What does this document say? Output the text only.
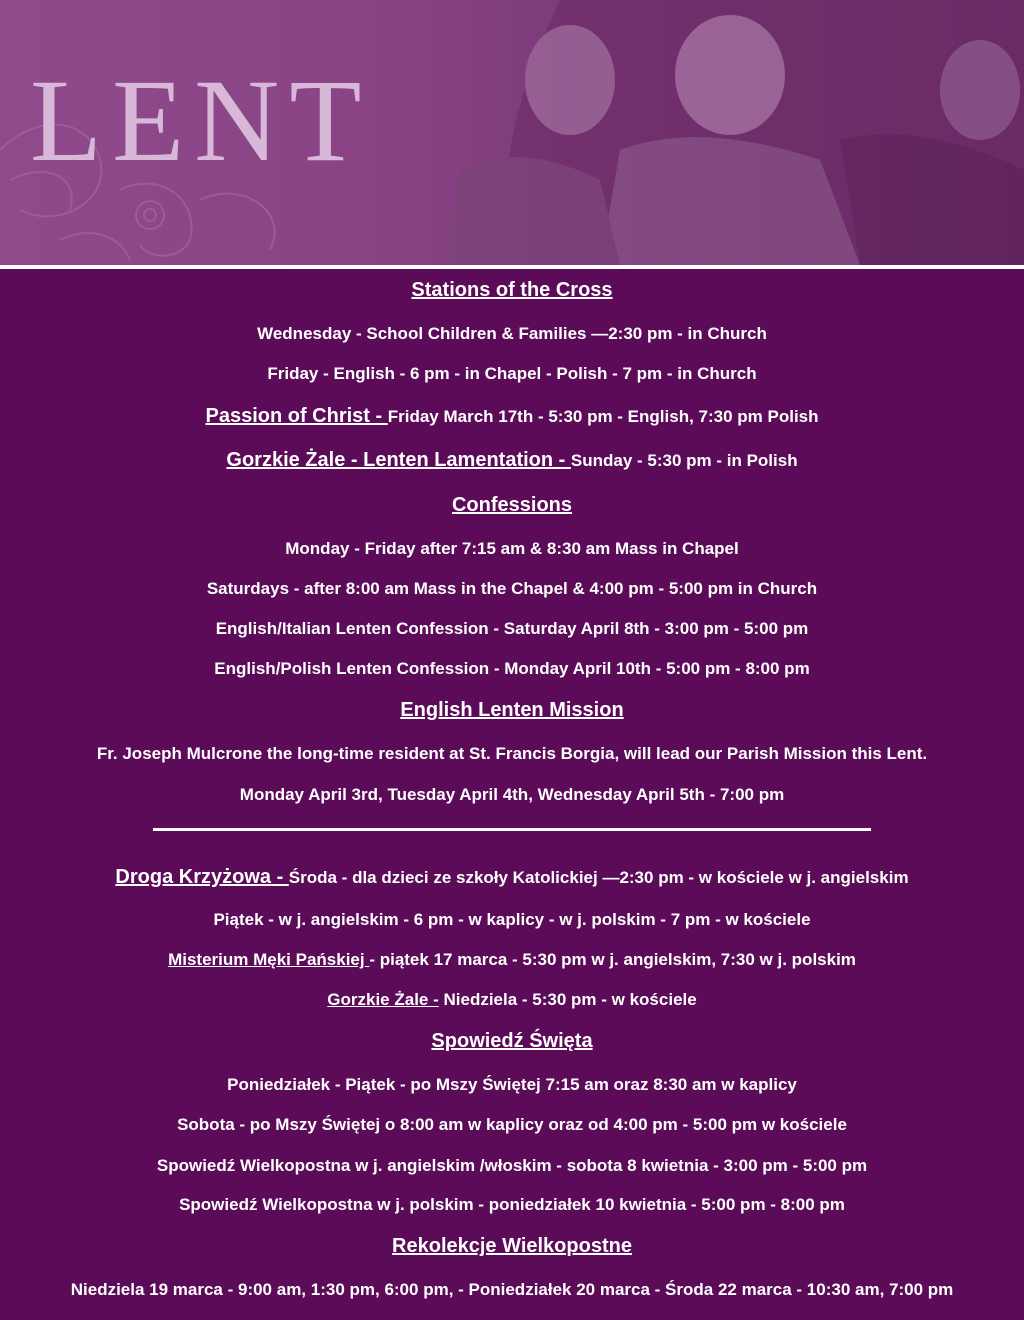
LENT
Stations of the Cross
Wednesday - School Children & Families —2:30 pm - in Church
Friday - English - 6 pm - in Chapel - Polish - 7 pm - in Church
Passion of Christ - Friday March 17th - 5:30 pm - English, 7:30 pm Polish
Gorzkie Żale - Lenten Lamentation - Sunday - 5:30 pm - in Polish
Confessions
Monday - Friday after 7:15 am & 8:30 am Mass in Chapel
Saturdays - after 8:00 am Mass in the Chapel & 4:00 pm - 5:00 pm in Church
English/Italian Lenten Confession - Saturday April 8th - 3:00 pm - 5:00 pm
English/Polish Lenten Confession - Monday April 10th - 5:00 pm - 8:00 pm
English Lenten Mission
Fr. Joseph Mulcrone the long-time resident at St. Francis Borgia, will lead our Parish Mission this Lent.
Monday April 3rd, Tuesday April 4th, Wednesday April 5th - 7:00 pm
Droga Krzyżowa - Środa - dla dzieci ze szkoły Katolickiej —2:30 pm - w kościele w j. angielskim
Piątek - w j. angielskim - 6 pm - w kaplicy - w j. polskim - 7 pm - w kościele
Misterium Męki Pańskiej - piątek 17 marca - 5:30 pm w j. angielskim, 7:30 w j. polskim
Gorzkie Żale - Niedziela - 5:30 pm - w kościele
Spowiedź Święta
Poniedziałek - Piątek - po Mszy Świętej 7:15 am oraz 8:30 am w kaplicy
Sobota - po Mszy Świętej o 8:00 am w kaplicy oraz od 4:00 pm - 5:00 pm w kościele
Spowiedź Wielkopostna w j. angielskim /włoskim - sobota 8 kwietnia - 3:00 pm - 5:00 pm
Spowiedź Wielkopostna w j. polskim - poniedziałek 10 kwietnia - 5:00 pm - 8:00 pm
Rekolekcje Wielkopostne
Niedziela 19 marca - 9:00 am, 1:30 pm, 6:00 pm, - Poniedziałek 20 marca - Środa 22 marca - 10:30 am, 7:00 pm
